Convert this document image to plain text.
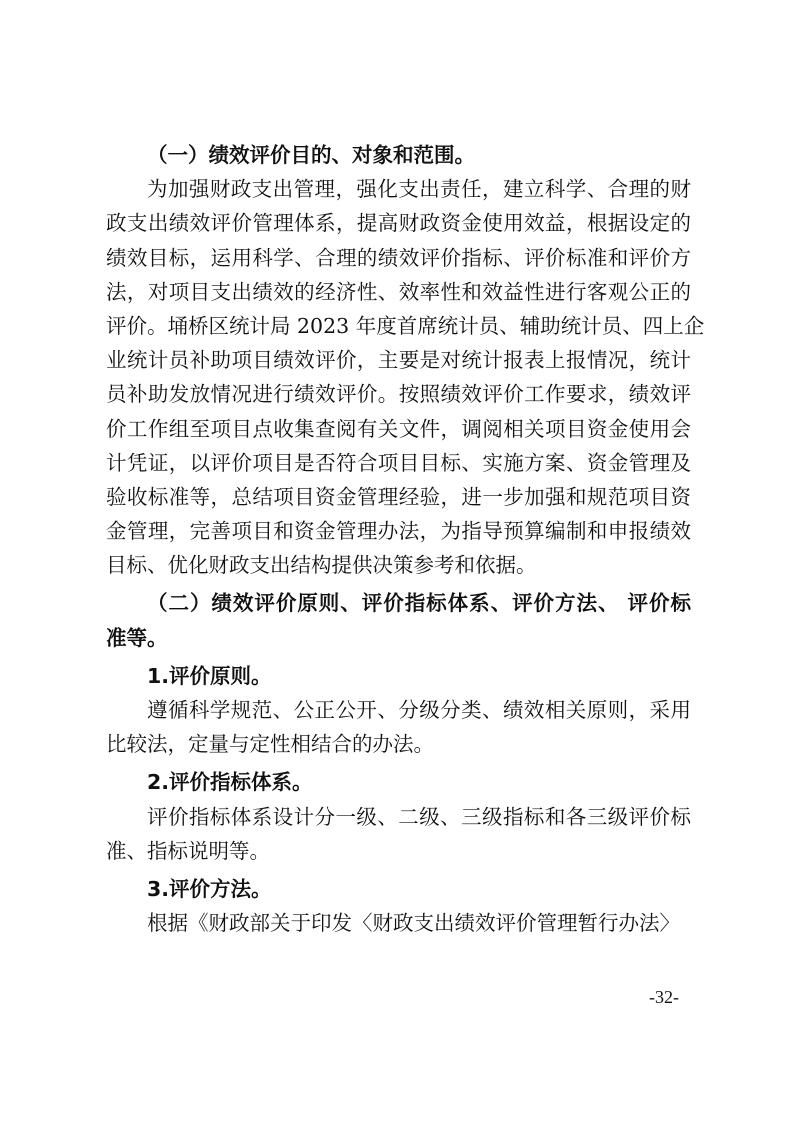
（一）绩效评价目的、对象和范围。
为加强财政支出管理，强化支出责任，建立科学、合理的财
政支出绩效评价管理体系，提高财政资金使用效益，根据设定的
绩效目标，运用科学、合理的绩效评价指标、评价标准和评价方
法，对项目支出绩效的经济性、效率性和效益性进行客观公正的
评价。埇桥区统计局 2023 年度首席统计员、辅助统计员、四上企
业统计员补助项目绩效评价，主要是对统计报表上报情况，统计
员补助发放情况进行绩效评价。按照绩效评价工作要求，绩效评
价工作组至项目点收集查阅有关文件，调阅相关项目资金使用会
计凭证，以评价项目是否符合项目目标、实施方案、资金管理及
验收标准等，总结项目资金管理经验，进一步加强和规范项目资
金管理，完善项目和资金管理办法，为指导预算编制和申报绩效
目标、优化财政支出结构提供决策参考和依据。
（二）绩效评价原则、评价指标体系、评价方法、 评价标
准等。
1.评价原则。
遵循科学规范、公正公开、分级分类、绩效相关原则，采用
比较法，定量与定性相结合的办法。
2.评价指标体系。
评价指标体系设计分一级、二级、三级指标和各三级评价标
准、指标说明等。
3.评价方法。
根据《财政部关于印发〈财政支出绩效评价管理暂行办法〉
-32-
